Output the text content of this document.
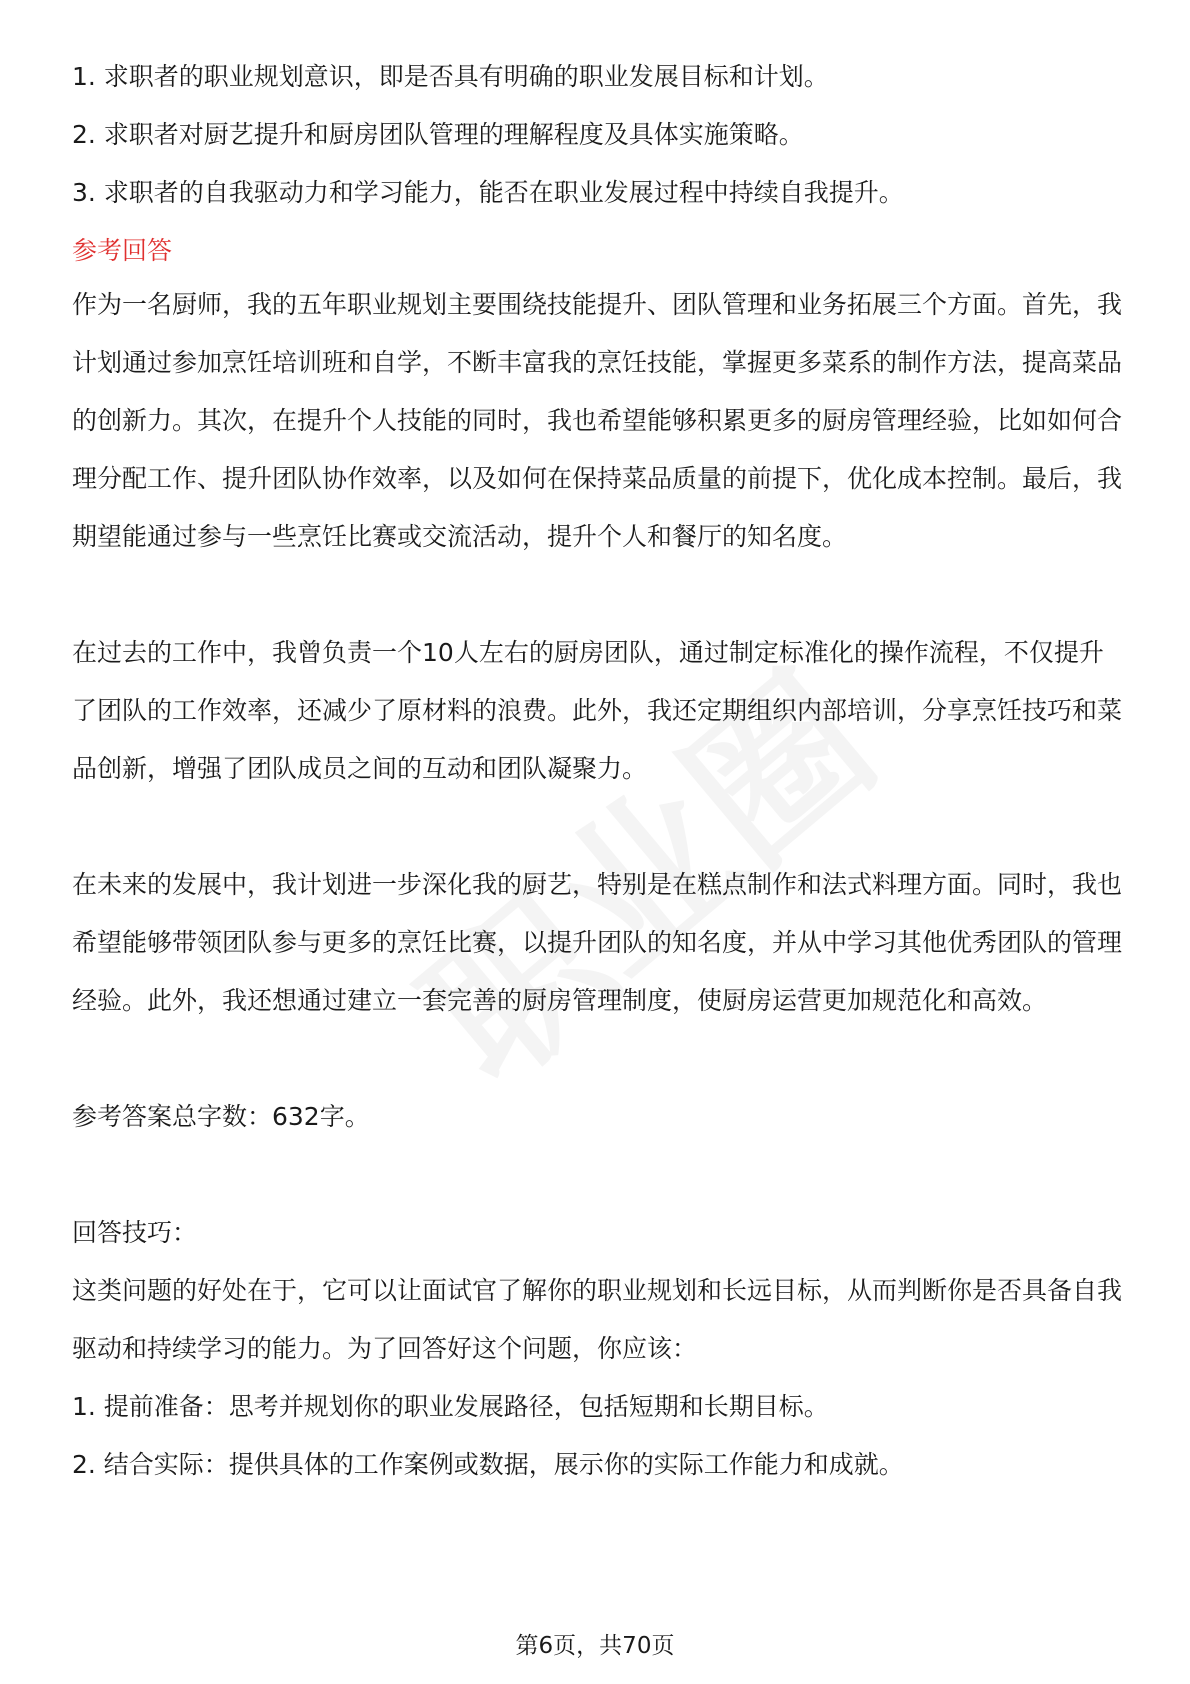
1. 求职者的职业规划意识，即是否具有明确的职业发展目标和计划。
2. 求职者对厨艺提升和厨房团队管理的理解程度及具体实施策略。
3. 求职者的自我驱动力和学习能力，能否在职业发展过程中持续自我提升。
参考回答

作为一名厨师，我的五年职业规划主要围绕技能提升、团队管理和业务拓展三个方面。首先，我计划通过参加烹饪培训班和自学，不断丰富我的烹饪技能，掌握更多菜系的制作方法，提高菜品的创新力。其次，在提升个人技能的同时，我也希望能够积累更多的厨房管理经验，比如如何合理分配工作、提升团队协作效率，以及如何在保持菜品质量的前提下，优化成本控制。最后，我期望能通过参与一些烹饪比赛或交流活动，提升个人和餐厅的知名度。

在过去的工作中，我曾负责一个10人左右的厨房团队，通过制定标准化的操作流程，不仅提升了团队的工作效率，还减少了原材料的浪费。此外，我还定期组织内部培训，分享烹饪技巧和菜品创新，增强了团队成员之间的互动和团队凝聚力。

在未来的发展中，我计划进一步深化我的厨艺，特别是在糕点制作和法式料理方面。同时，我也希望能够带领团队参与更多的烹饪比赛，以提升团队的知名度，并从中学习其他优秀团队的管理经验。此外，我还想通过建立一套完善的厨房管理制度，使厨房运营更加规范化和高效。

参考答案总字数：632字。

回答技巧：

这类问题的好处在于，它可以让面试官了解你的职业规划和长远目标，从而判断你是否具备自我驱动和持续学习的能力。为了回答好这个问题，你应该：

1. 提前准备：思考并规划你的职业发展路径，包括短期和长期目标。

2. 结合实际：提供具体的工作案例或数据，展示你的实际工作能力和成就。

第6页，共70页
